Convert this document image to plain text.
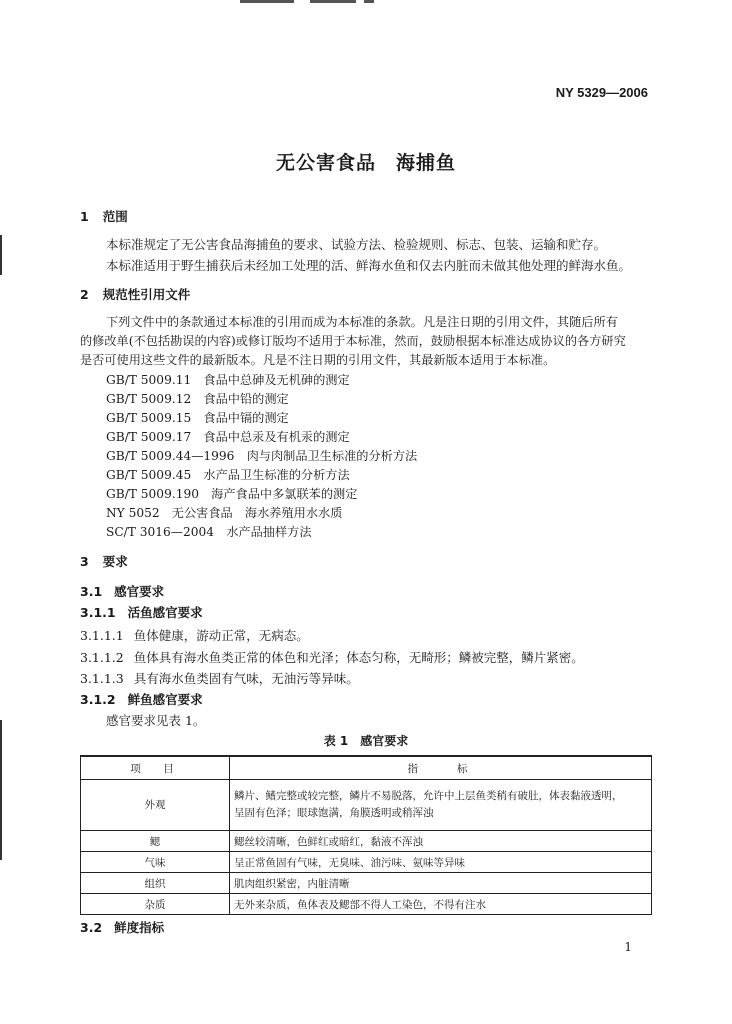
NY 5329—2006
无公害食品　海捕鱼
1 范围
本标准规定了无公害食品海捕鱼的要求、试验方法、检验规则、标志、包装、运输和贮存。
本标准适用于野生捕获后未经加工处理的活、鲜海水鱼和仅去内脏而未做其他处理的鲜海水鱼。
2 规范性引用文件
下列文件中的条款通过本标准的引用而成为本标准的条款。凡是注日期的引用文件，其随后所有
的修改单(不包括勘误的内容)或修订版均不适用于本标准，然而，鼓励根据本标准达成协议的各方研究
是否可使用这些文件的最新版本。凡是不注日期的引用文件，其最新版本适用于本标准。
GB/T 5009.11　食品中总砷及无机砷的测定
GB/T 5009.12　食品中铅的测定
GB/T 5009.15　食品中镉的测定
GB/T 5009.17　食品中总汞及有机汞的测定
GB/T 5009.44—1996　肉与肉制品卫生标准的分析方法
GB/T 5009.45　水产品卫生标准的分析方法
GB/T 5009.190　海产食品中多氯联苯的测定
NY 5052　无公害食品　海水养殖用水水质
SC/T 3016—2004　水产品抽样方法
3 要求
3.1 感官要求
3.1.1 活鱼感官要求
3.1.1.1 鱼体健康，游动正常，无病态。
3.1.1.2 鱼体具有海水鱼类正常的体色和光泽；体态匀称，无畸形；鳞被完整，鳞片紧密。
3.1.1.3 具有海水鱼类固有气味，无油污等异味。
3.1.2 鲜鱼感官要求
感官要求见表 1。
表 1　感官要求
项　目	指　　标
外观	鳞片、鳍完整或较完整，鳞片不易脱落，允许中上层鱼类稍有破肚，体表黏液透明，
呈固有色泽；眼球饱满，角膜透明或稍浑浊

鳃	鳃丝较清晰，色鲜红或暗红，黏液不浑浊
气味	呈正常鱼固有气味，无臭味、油污味、氨味等异味
组织	肌肉组织紧密，内脏清晰
杂质	无外来杂质，鱼体表及鳃部不得人工染色，不得有注水
3.2 鲜度指标
1
